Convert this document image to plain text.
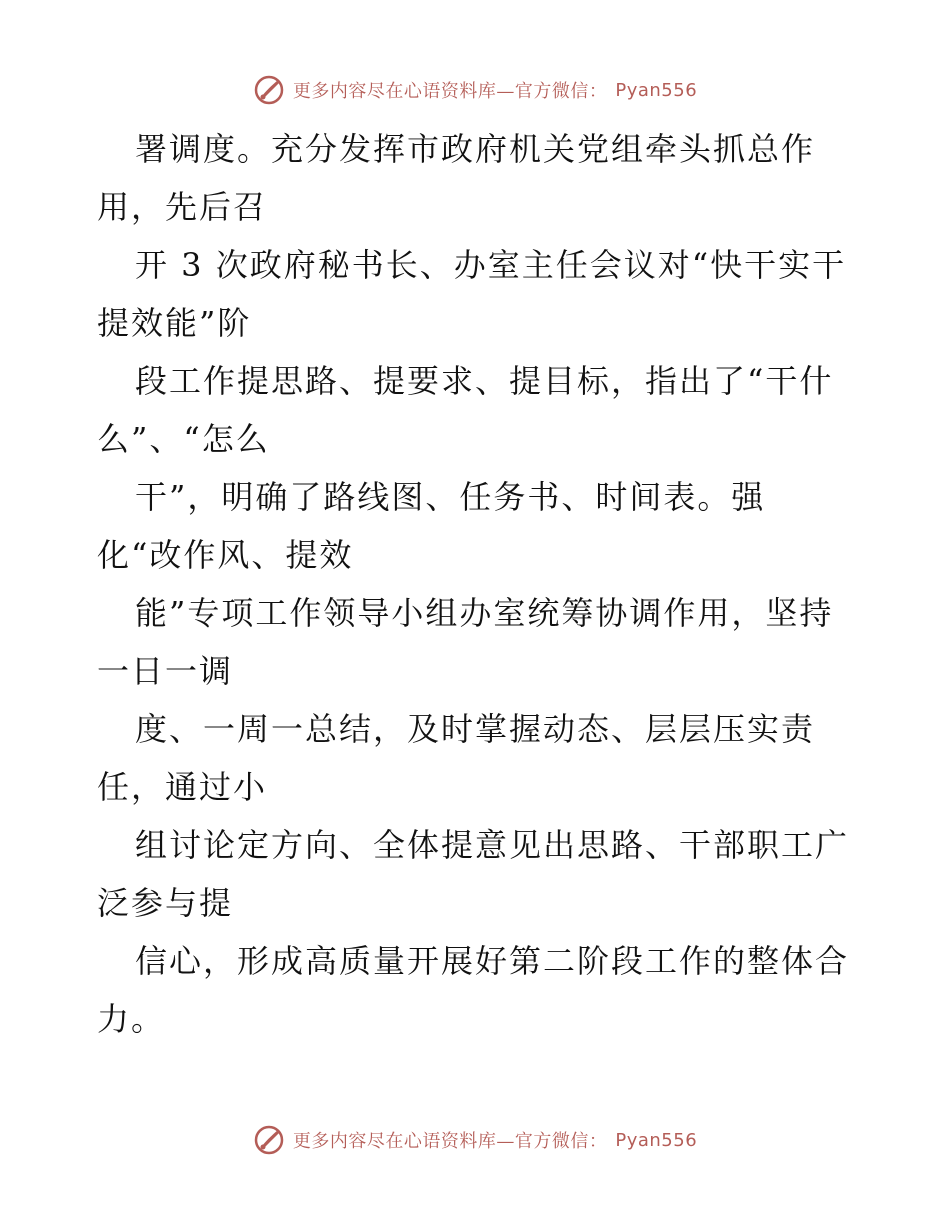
更多内容尽在心语资料库—官方微信： Pyan556

署调度。充分发挥市政府机关党组牵头抓总作

用，先后召

开 3 次政府秘书长、办室主任会议对“快干实干

提效能”阶

段工作提思路、提要求、提目标，指出了“干什

么”、“怎么

干”，明确了路线图、任务书、时间表。强

化“改作风、提效

能”专项工作领导小组办室统筹协调作用，坚持

一日一调

度、一周一总结，及时掌握动态、层层压实责

任，通过小

组讨论定方向、全体提意见出思路、干部职工广

泛参与提

信心，形成高质量开展好第二阶段工作的整体合

力。

更多内容尽在心语资料库—官方微信： Pyan556
